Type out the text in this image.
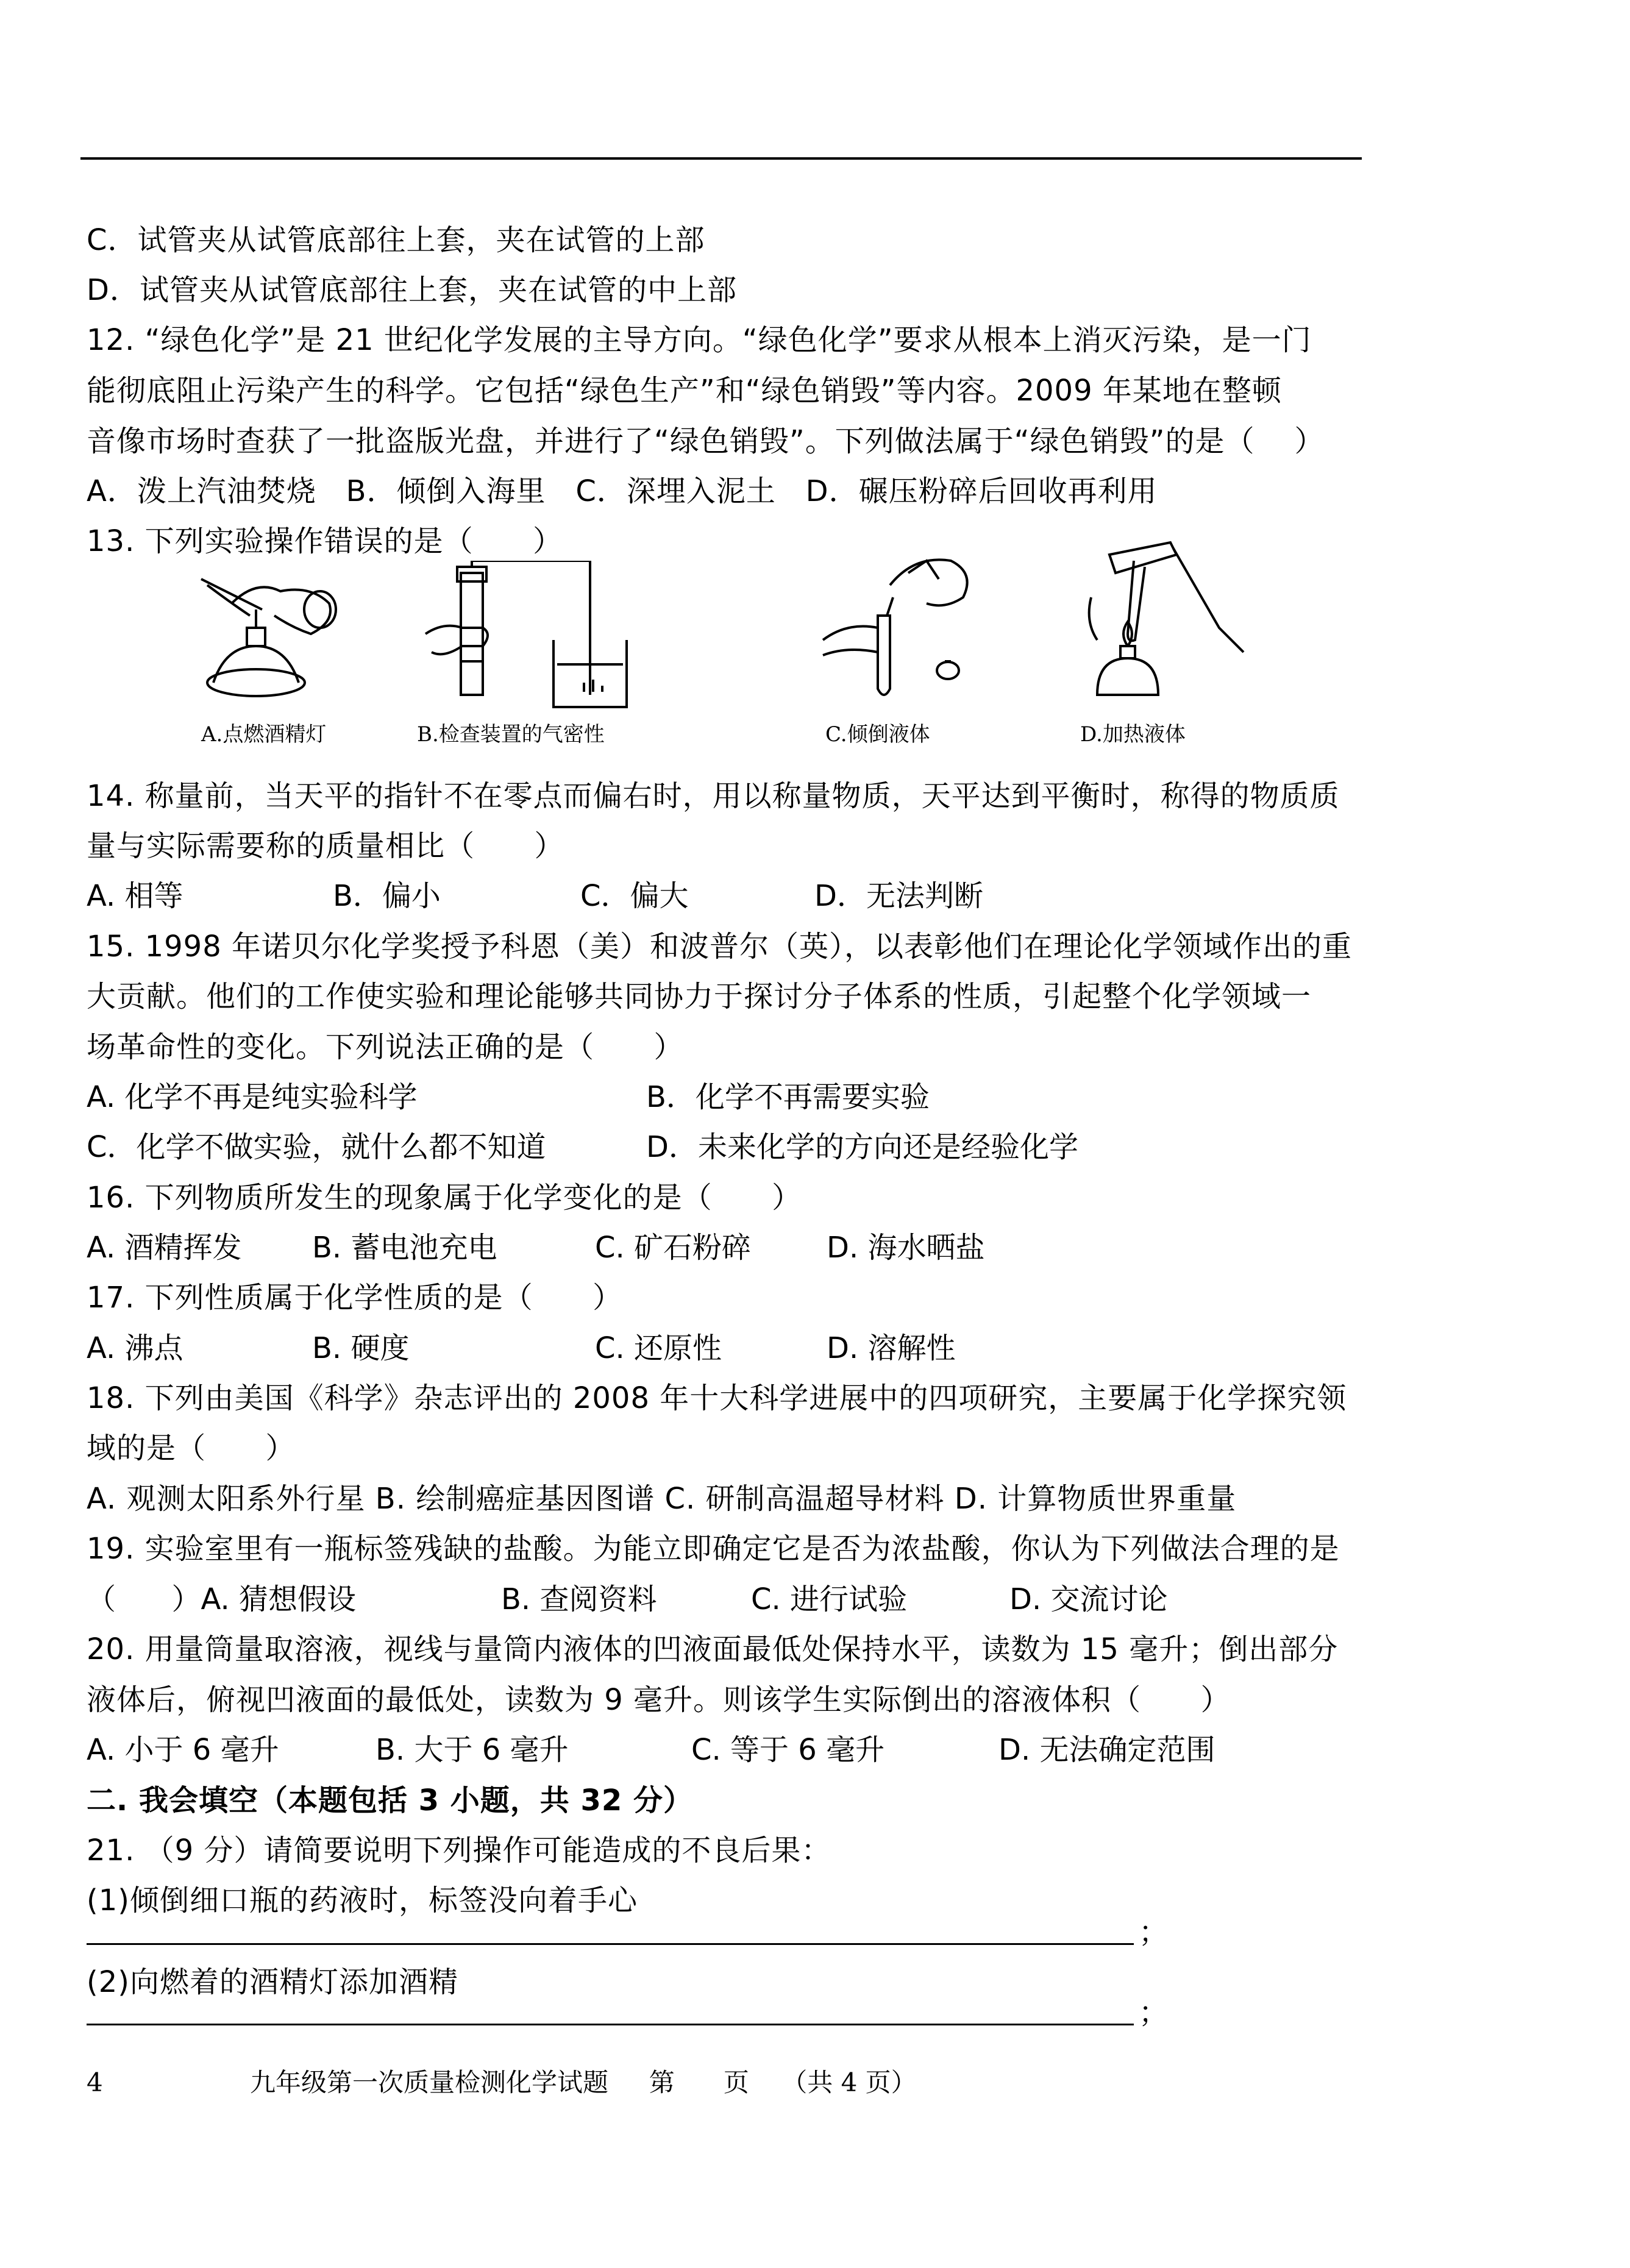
C．试管夹从试管底部往上套，夹在试管的上部
D．试管夹从试管底部往上套，夹在试管的中上部
12. “绿色化学”是 21 世纪化学发展的主导方向。“绿色化学”要求从根本上消灭污染，是一门
能彻底阻止污染产生的科学。它包括“绿色生产”和“绿色销毁”等内容。2009 年某地在整顿
音像市场时查获了一批盗版光盘，并进行了“绿色销毁”。下列做法属于“绿色销毁”的是（    ）
A．泼上汽油焚烧   B．倾倒入海里   C．深埋入泥土   D．碾压粉碎后回收再利用
13. 下列实验操作错误的是（      ）
A.点燃酒精灯	B.检查装置的气密性	C.倾倒液体	D.加热液体
14. 称量前，当天平的指针不在零点而偏右时，用以称量物质，天平达到平衡时，称得的物质质
量与实际需要称的质量相比（      ）

A. 相等

	B．偏小

	C．偏大

	D．无法判断

15. 1998 年诺贝尔化学奖授予科恩（美）和波普尔（英），以表彰他们在理论化学领域作出的重
大贡献。他们的工作使实验和理论能够共同协力于探讨分子体系的性质，引起整个化学领域一
场革命性的变化。下列说法正确的是（      ）

A. 化学不再是纯实验科学

	B．化学不再需要实验

C．化学不做实验，就什么都不知道

	D．未来化学的方向还是经验化学

16. 下列物质所发生的现象属于化学变化的是（      ）

A. 酒精挥发

B. 蓄电池充电

	C. 矿石粉碎

	D. 海水晒盐

17. 下列性质属于化学性质的是（      ）

A. 沸点

	B. 硬度

	C. 还原性

	D. 溶解性

18. 下列由美国《科学》杂志评出的 2008 年十大科学进展中的四项研究，主要属于化学探究领
域的是（      ）
A. 观测太阳系外行星 B. 绘制癌症基因图谱 C. 研制高温超导材料 D. 计算物质世界重量
19. 实验室里有一瓶标签残缺的盐酸。为能立即确定它是否为浓盐酸，你认为下列做法合理的是

（      ）A. 猜想假设

	B. 查阅资料

	C. 进行试验

	D. 交流讨论

20. 用量筒量取溶液，视线与量筒内液体的凹液面最低处保持水平，读数为 15 毫升；倒出部分
液体后，俯视凹液面的最低处，读数为 9 毫升。则该学生实际倒出的溶液体积（      ）

A. 小于 6 毫升

	B. 大于 6 毫升

	C. 等于 6 毫升

	D. 无法确定范围

二. 我会填空（本题包括 3 小题，共 32 分）
21. （9 分）请简要说明下列操作可能造成的不良后果：
(1)倾倒细口瓶的药液时，标签没向着手心
；
(2)向燃着的酒精灯添加酒精
；
4	九年级第一次质量检测化学试题     第      页    （共 4 页）
